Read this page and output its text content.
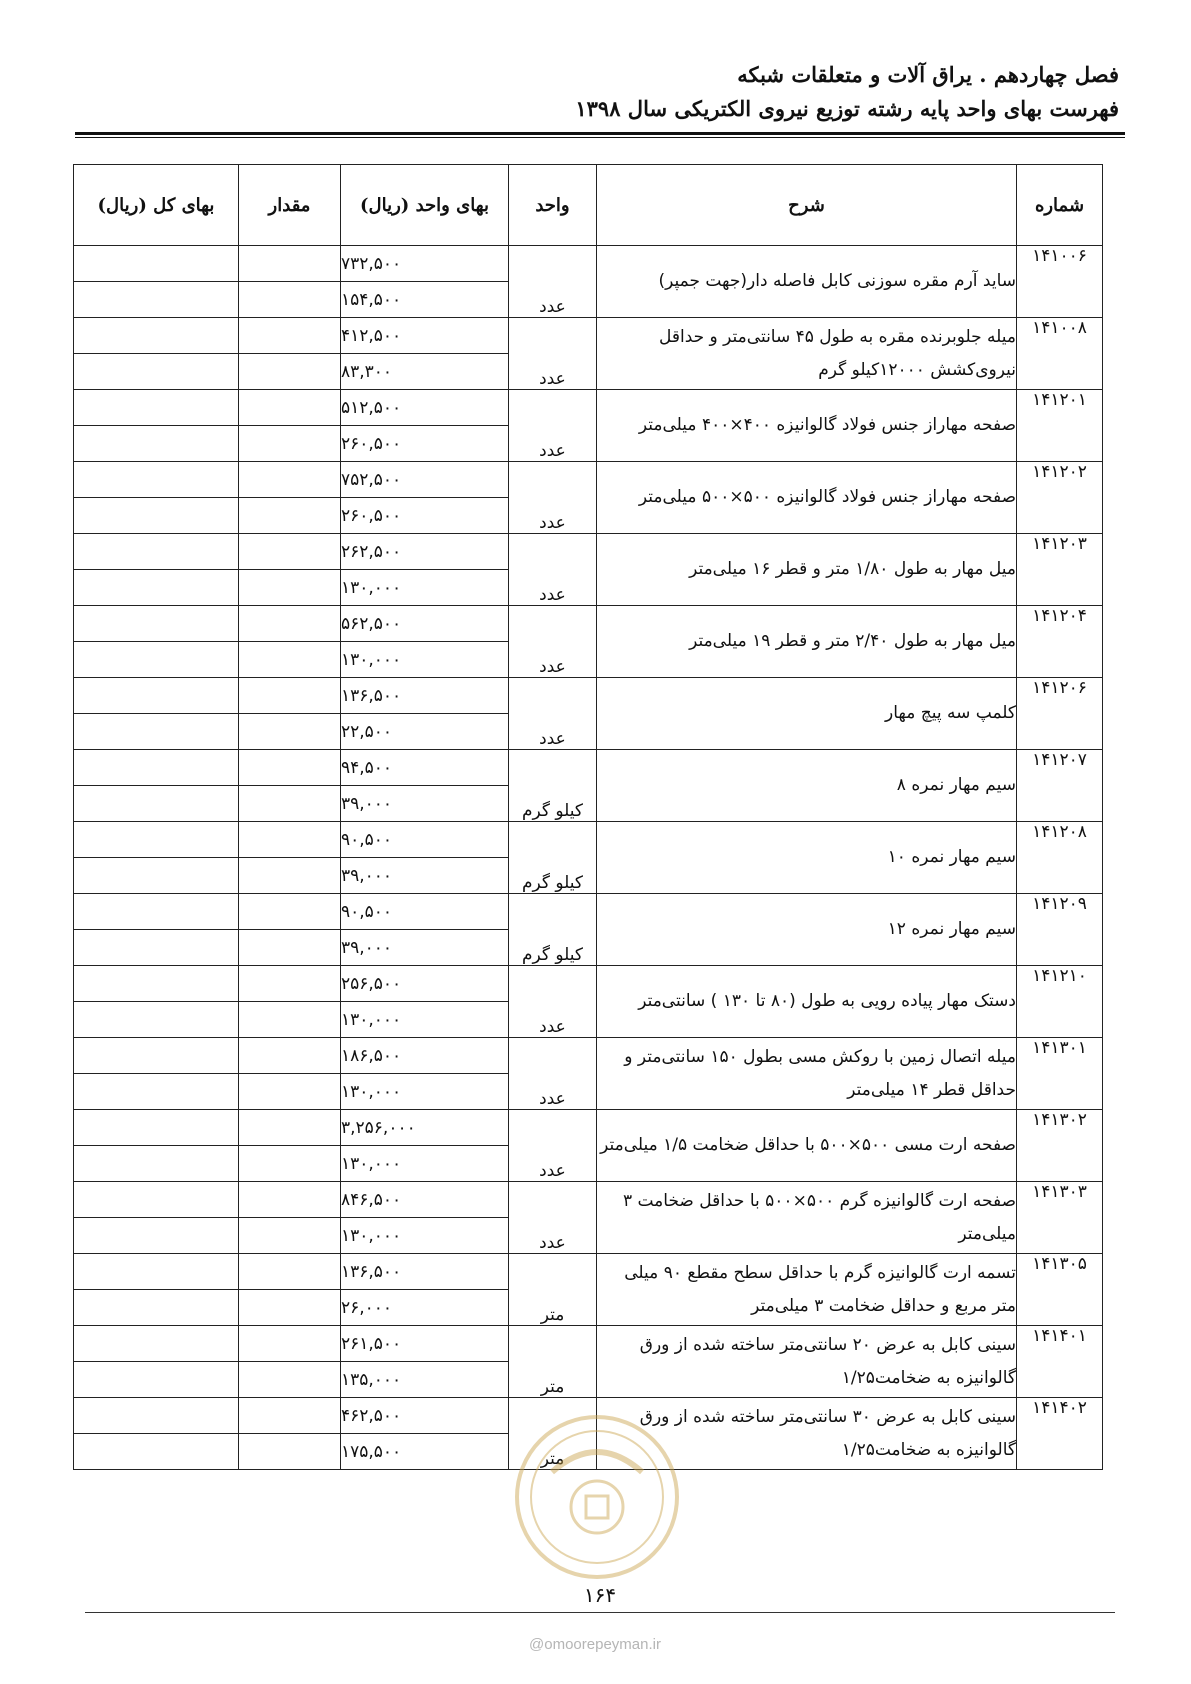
فصل چهاردهم . یراق آلات و متعلقات شبکه
فهرست بهای واحد پایه رشته توزیع نیروی الکتریکی سال ۱۳۹۸
شماره	شرح	واحد	بهای واحد (ریال)	مقدار	بهای کل (ریال)
۱۴۱۰۰۶	ساید آرم مقره سوزنی کابل فاصله دار(جهت جمپر)	عدد	۷۳۲,۵۰۰		
			۱۵۴,۵۰۰		
۱۴۱۰۰۸	میله جلوبرنده مقره به طول ۴۵ سانتی‌متر و حداقل نیروی‌کشش ۱۲۰۰۰کیلو گرم	عدد	۴۱۲,۵۰۰		
			۸۳,۳۰۰		
۱۴۱۲۰۱	صفحه مهاراز جنس فولاد گالوانیزه ۴۰۰×۴۰۰ میلی‌متر	عدد	۵۱۲,۵۰۰		
			۲۶۰,۵۰۰		
۱۴۱۲۰۲	صفحه مهاراز جنس فولاد گالوانیزه ۵۰۰×۵۰۰ میلی‌متر	عدد	۷۵۲,۵۰۰		
			۲۶۰,۵۰۰		
۱۴۱۲۰۳	میل مهار به طول ۱/۸۰ متر و قطر ۱۶ میلی‌متر	عدد	۲۶۲,۵۰۰		
			۱۳۰,۰۰۰		
۱۴۱۲۰۴	میل مهار به طول ۲/۴۰ متر و قطر ۱۹ میلی‌متر	عدد	۵۶۲,۵۰۰		
			۱۳۰,۰۰۰		
۱۴۱۲۰۶	کلمپ سه پیچ مهار	عدد	۱۳۶,۵۰۰		
			۲۲,۵۰۰		
۱۴۱۲۰۷	سیم مهار نمره ۸	کیلو گرم	۹۴,۵۰۰		
			۳۹,۰۰۰		
۱۴۱۲۰۸	سیم مهار نمره ۱۰	کیلو گرم	۹۰,۵۰۰		
			۳۹,۰۰۰		
۱۴۱۲۰۹	سیم مهار نمره ۱۲	کیلو گرم	۹۰,۵۰۰		
			۳۹,۰۰۰		
۱۴۱۲۱۰	دستک مهار پیاده رویی به طول (۸۰ تا ۱۳۰ ) سانتی‌متر	عدد	۲۵۶,۵۰۰		
			۱۳۰,۰۰۰		
۱۴۱۳۰۱	میله اتصال زمین با روکش مسی بطول ۱۵۰ سانتی‌متر و حداقل قطر ۱۴ میلی‌متر	عدد	۱۸۶,۵۰۰		
			۱۳۰,۰۰۰		
۱۴۱۳۰۲	صفحه ارت مسی ۵۰۰×۵۰۰ با حداقل ضخامت ۱/۵ میلی‌متر	عدد	۳,۲۵۶,۰۰۰		
			۱۳۰,۰۰۰		
۱۴۱۳۰۳	صفحه ارت گالوانیزه گرم ۵۰۰×۵۰۰ با حداقل ضخامت ۳ میلی‌متر	عدد	۸۴۶,۵۰۰		
			۱۳۰,۰۰۰		
۱۴۱۳۰۵	تسمه ارت گالوانیزه گرم با حداقل سطح مقطع ۹۰ میلی متر مربع و حداقل ضخامت ۳ میلی‌متر	متر	۱۳۶,۵۰۰		
			۲۶,۰۰۰		
۱۴۱۴۰۱	سینی کابل به عرض ۲۰ سانتی‌متر ساخته شده از ورق گالوانیزه به ضخامت۱/۲۵	متر	۲۶۱,۵۰۰		
			۱۳۵,۰۰۰		
۱۴۱۴۰۲	سینی کابل به عرض ۳۰ سانتی‌متر ساخته شده از ورق گالوانیزه به ضخامت۱/۲۵	متر	۴۶۲,۵۰۰		
			۱۷۵,۵۰۰		
۱۶۴
@omoorepeyman.ir
